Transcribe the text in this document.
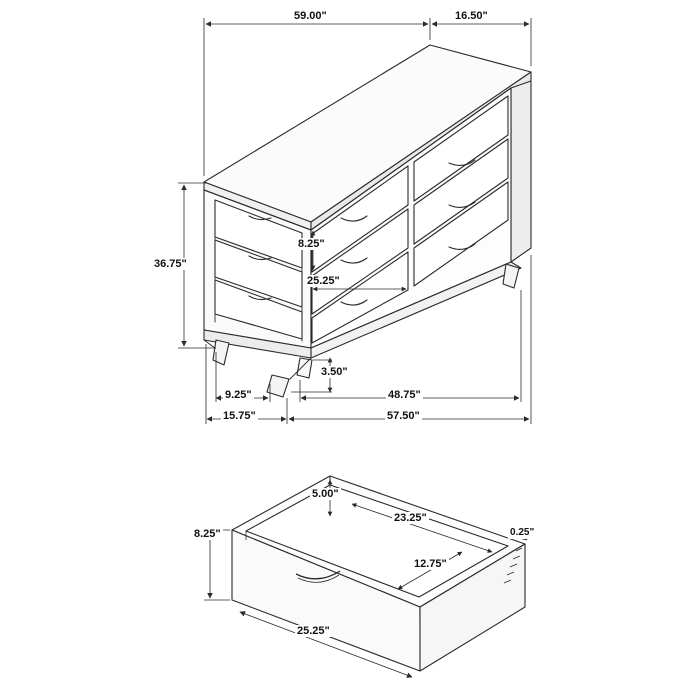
59.00"	16.50"
36.75"
8.25"
25.25"
3.50"
9.25"
15.75"
48.75"
57.50"
5.00"
23.25"
12.75"
0.25"
8.25"
25.25"
